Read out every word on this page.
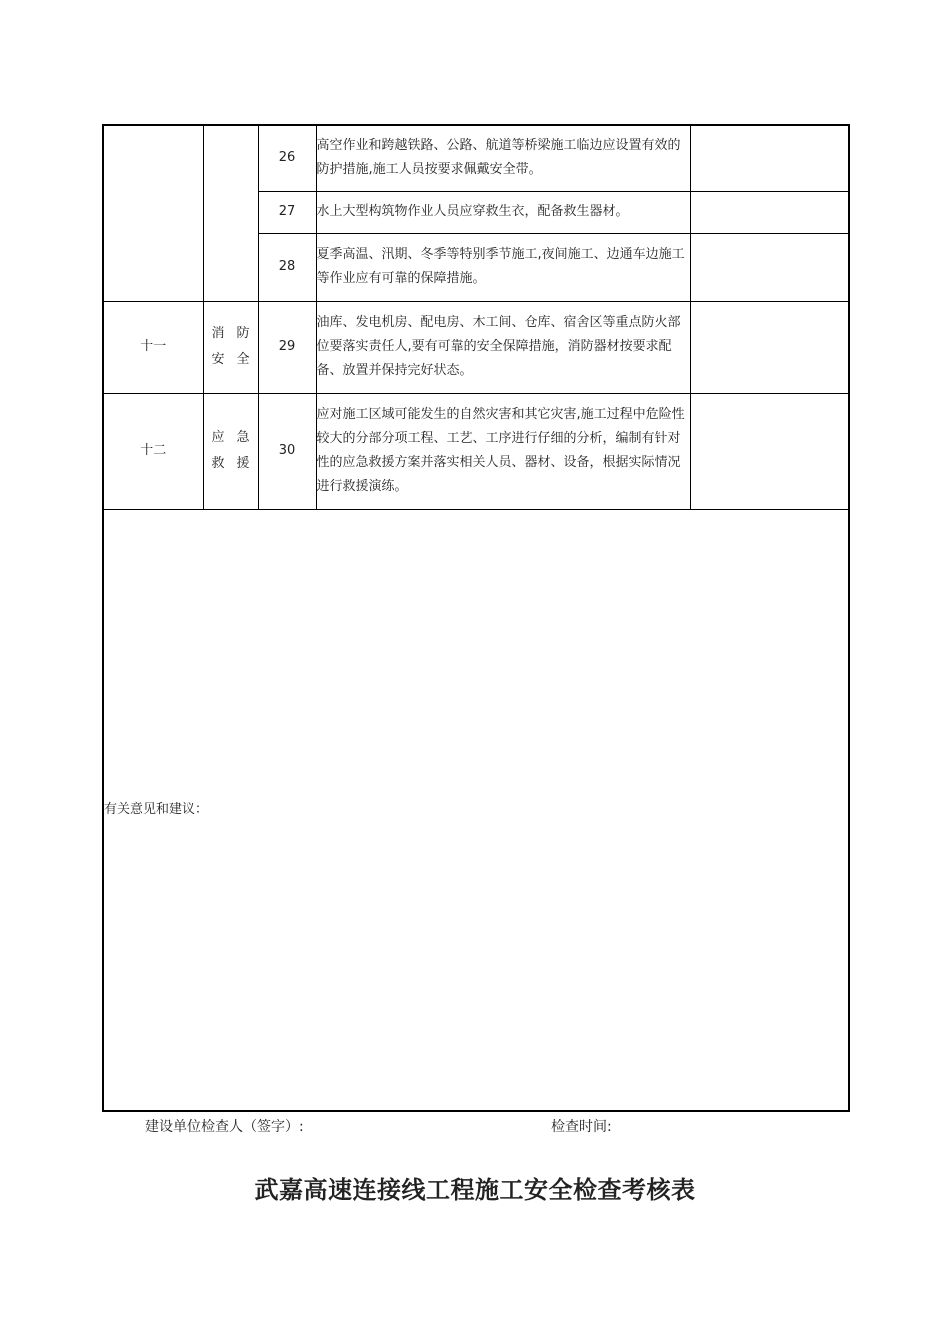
		26	高空作业和跨越铁路、公路、航道等桥梁施工临边应设置有效的防护措施,施工人员按要求佩戴安全带。	
		27	水上大型构筑物作业人员应穿救生衣，配备救生器材。	
		28	夏季高温、汛期、冬季等特别季节施工,夜间施工、边通车边施工等作业应有可靠的保障措施。	
十一	消防安全	29	油库、发电机房、配电房、木工间、仓库、宿舍区等重点防火部位要落实责任人,要有可靠的安全保障措施，消防器材按要求配备、放置并保持完好状态。	
十二	应急救援	30	应对施工区域可能发生的自然灾害和其它灾害,施工过程中危险性较大的分部分项工程、工艺、工序进行仔细的分析，编制有针对性的应急救援方案并落实相关人员、器材、设备，根据实际情况进行救援演练。	
有关意见和建议：				
建设单位检查人（签字）:	检查时间:
武嘉高速连接线工程施工安全检查考核表
